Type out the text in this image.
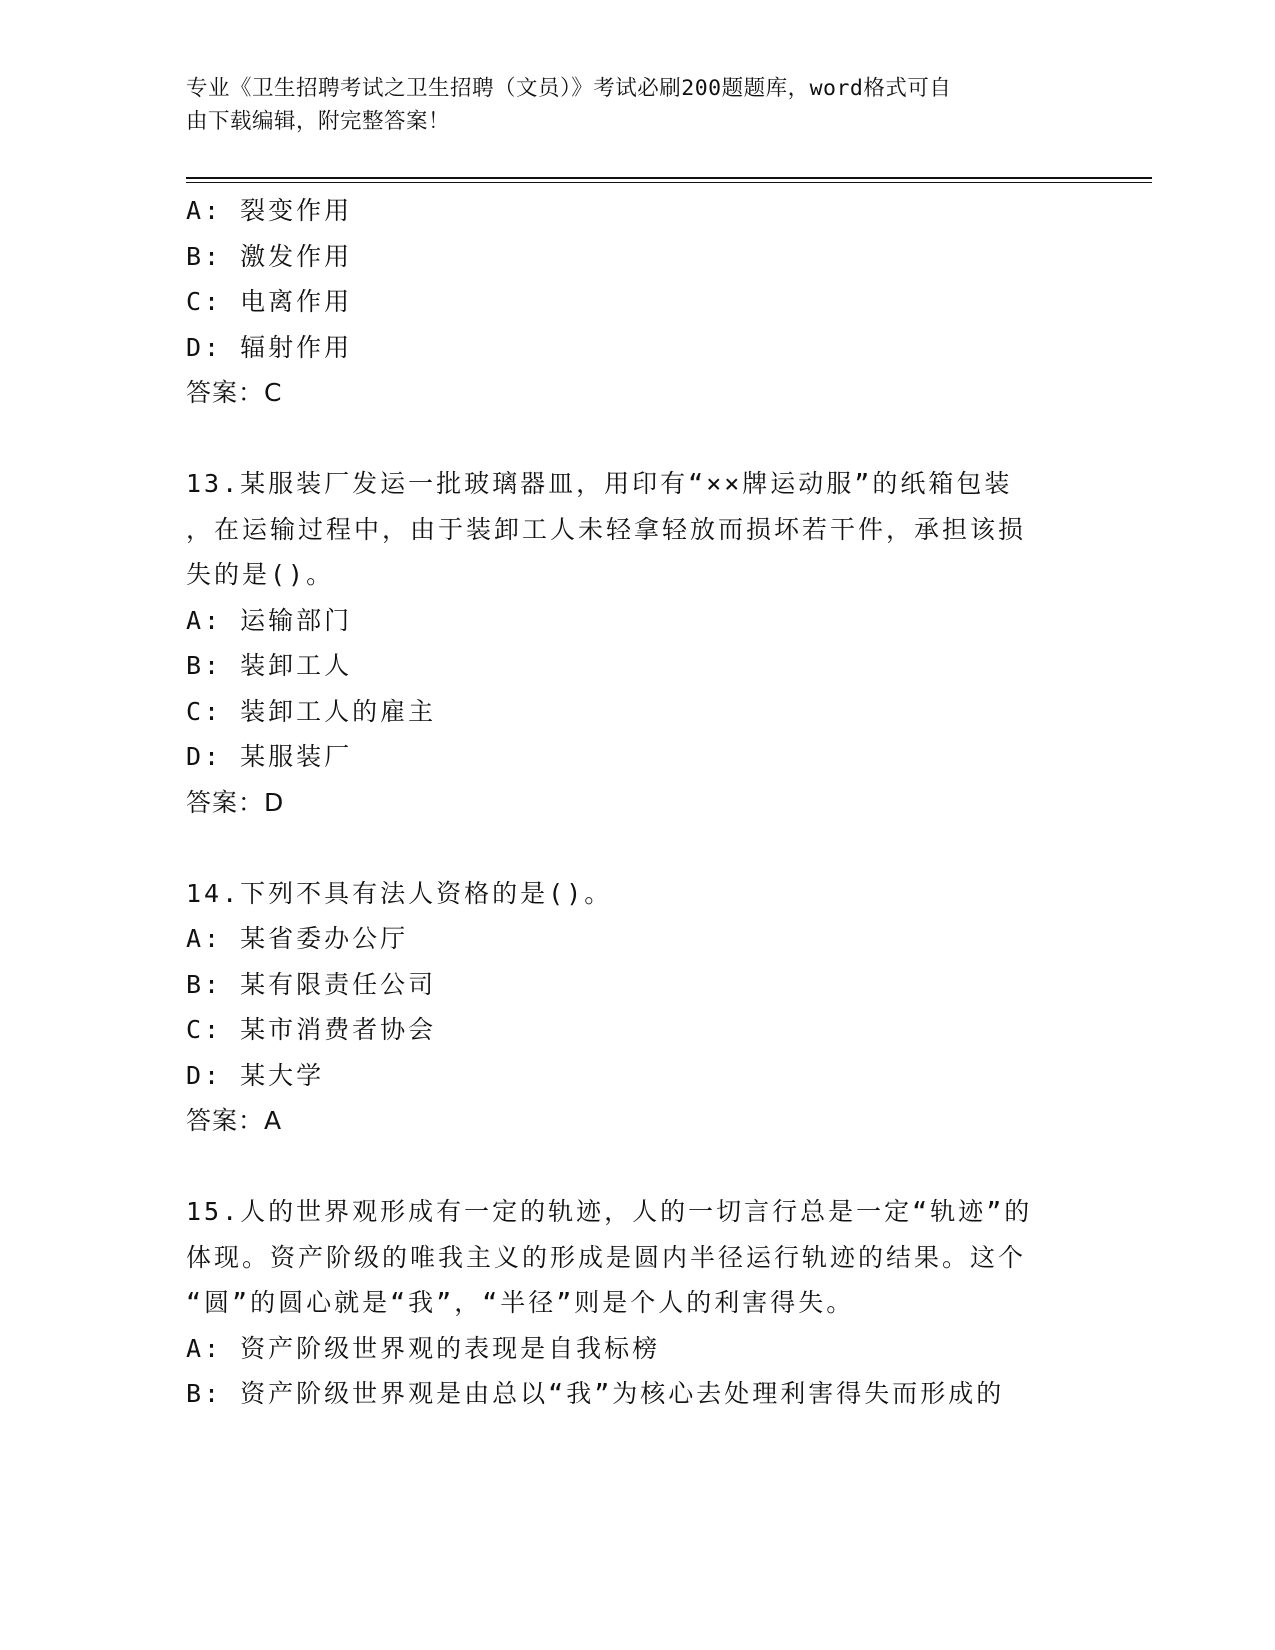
专业《卫生招聘考试之卫生招聘（文员）》考试必刷200题题库，word格式可自
由下载编辑，附完整答案！
A: 裂变作用
B: 激发作用
C: 电离作用
D: 辐射作用
答案：C
13.某服装厂发运一批玻璃器皿，用印有“××牌运动服”的纸箱包装
，在运输过程中，由于装卸工人未轻拿轻放而损坏若干件，承担该损
失的是()。
A: 运输部门
B: 装卸工人
C: 装卸工人的雇主
D: 某服装厂
答案：D
14.下列不具有法人资格的是()。
A: 某省委办公厅
B: 某有限责任公司
C: 某市消费者协会
D: 某大学
答案：A
15.人的世界观形成有一定的轨迹，人的一切言行总是一定“轨迹”的
体现。资产阶级的唯我主义的形成是圆内半径运行轨迹的结果。这个
“圆”的圆心就是“我”，“半径”则是个人的利害得失。
A: 资产阶级世界观的表现是自我标榜
B: 资产阶级世界观是由总以“我”为核心去处理利害得失而形成的
